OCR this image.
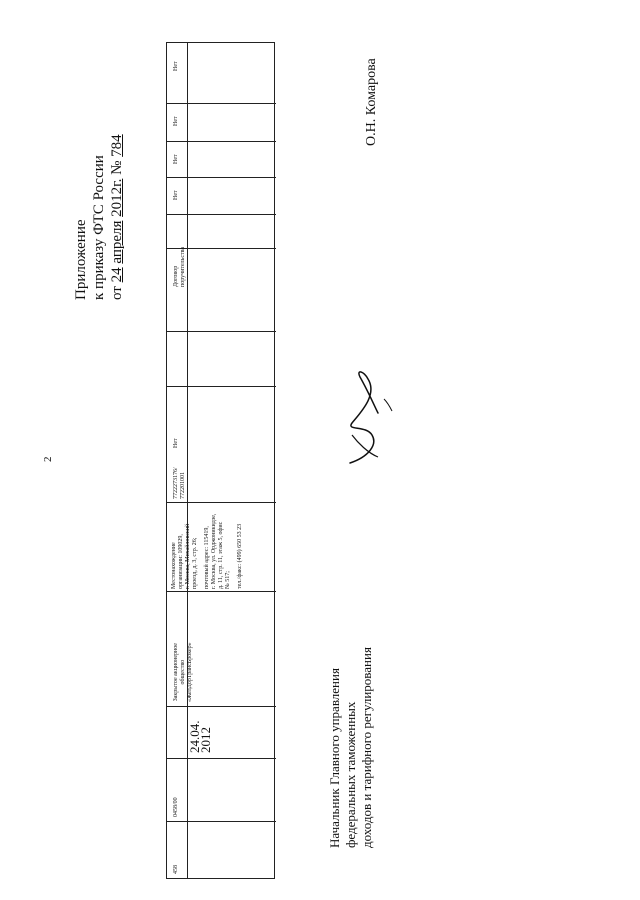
2
Приложение к приказу ФТС России от 24 апреля 2012г. № 784
458
0458/00
24.04.
2012
Закрытое акционерное общество «ЖелДорТрансБрокер»
Местонахождение организации: 109029, г. Москва, Михайловский проезд, д. 3, стр. 26; почтовый адрес: 115419, г. Москва, ул. Орджоникидзе, д. 11, стр. 11, этаж 5, офис № 517; тел./факс: (499) 650 53 23
7722273176/ 772201001
Нет
Нет
Нет
Нет
Нет
Договор поручительства
О.Н. Комарова
Начальник Главного управления федеральных таможенных доходов и тарифного регулирования
